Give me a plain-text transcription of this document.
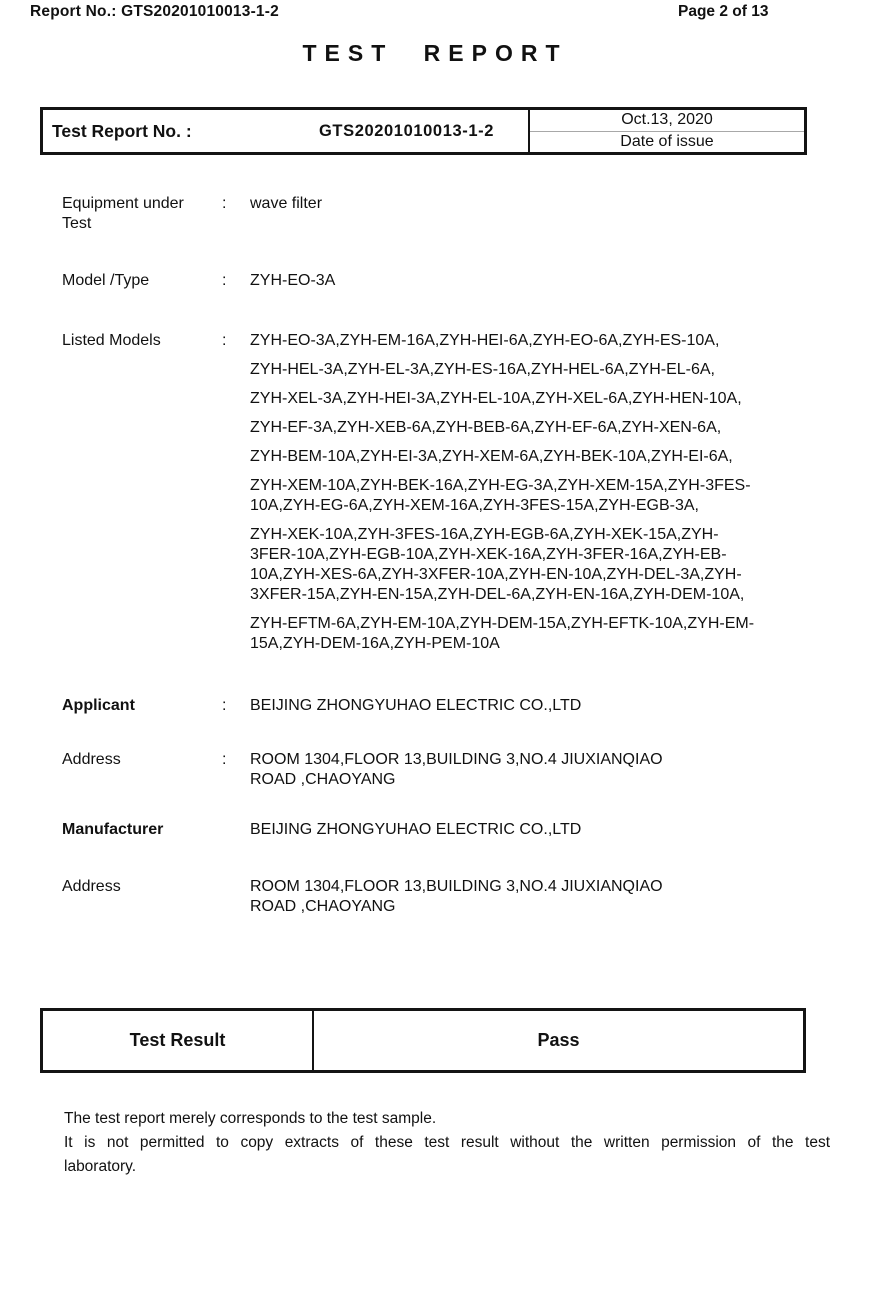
Report No.: GTS20201010013-1-2	Page 2 of 13
TEST REPORT
Test Report No. :	GTS20201010013-1-2
Oct.13, 2020
Date of issue
Equipment under Test
:	wave filter
Model /Type	:	ZYH-EO-3A
Listed Models	:	ZYH-EO-3A,ZYH-EM-16A,ZYH-HEI-6A,ZYH-EO-6A,ZYH-ES-10A,
ZYH-HEL-3A,ZYH-EL-3A,ZYH-ES-16A,ZYH-HEL-6A,ZYH-EL-6A,
ZYH-XEL-3A,ZYH-HEI-3A,ZYH-EL-10A,ZYH-XEL-6A,ZYH-HEN-10A,
ZYH-EF-3A,ZYH-XEB-6A,ZYH-BEB-6A,ZYH-EF-6A,ZYH-XEN-6A,
ZYH-BEM-10A,ZYH-EI-3A,ZYH-XEM-6A,ZYH-BEK-10A,ZYH-EI-6A,
ZYH-XEM-10A,ZYH-BEK-16A,ZYH-EG-3A,ZYH-XEM-15A,ZYH-3FES-
10A,ZYH-EG-6A,ZYH-XEM-16A,ZYH-3FES-15A,ZYH-EGB-3A,
ZYH-XEK-10A,ZYH-3FES-16A,ZYH-EGB-6A,ZYH-XEK-15A,ZYH-
3FER-10A,ZYH-EGB-10A,ZYH-XEK-16A,ZYH-3FER-16A,ZYH-EB-
10A,ZYH-XES-6A,ZYH-3XFER-10A,ZYH-EN-10A,ZYH-DEL-3A,ZYH-
3XFER-15A,ZYH-EN-15A,ZYH-DEL-6A,ZYH-EN-16A,ZYH-DEM-10A,
ZYH-EFTM-6A,ZYH-EM-10A,ZYH-DEM-15A,ZYH-EFTK-10A,ZYH-EM-
15A,ZYH-DEM-16A,ZYH-PEM-10A
Applicant	:	BEIJING ZHONGYUHAO ELECTRIC CO.,LTD
Address	:	ROOM 1304,FLOOR 13,BUILDING 3,NO.4 JIUXIANQIAO
ROAD ,CHAOYANG
Manufacturer	BEIJING ZHONGYUHAO ELECTRIC CO.,LTD
Address	ROOM 1304,FLOOR 13,BUILDING 3,NO.4 JIUXIANQIAO
ROAD ,CHAOYANG
Test Result	Pass
The test report merely corresponds to the test sample.
It is not permitted to copy extracts of these test result without the written permission of the test
laboratory.
